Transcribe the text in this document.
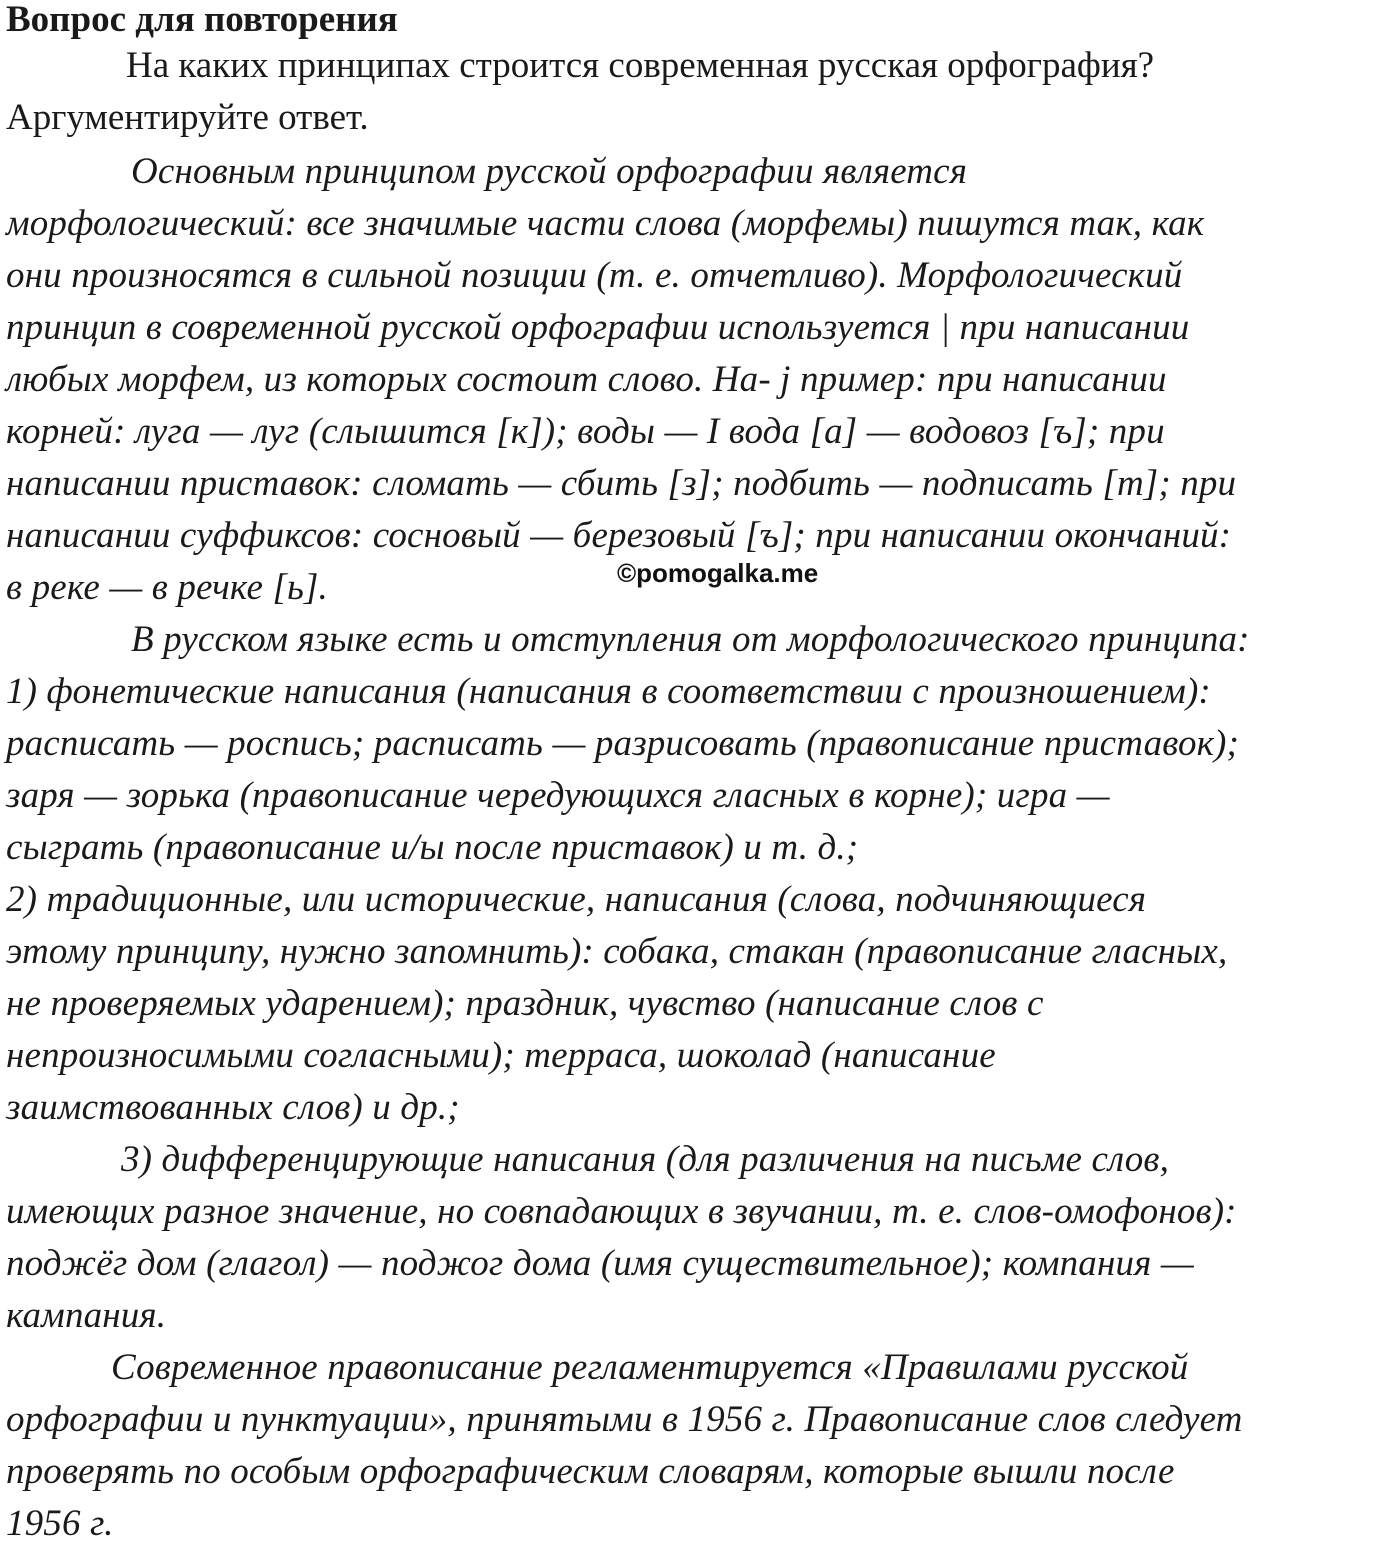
Вопрос для повторения

На каких принципах строится современная русская орфография? Аргументируйте ответ.

Основным принципом русской орфографии является
морфологический: все значимые части слова (морфемы) пишутся так, как
они произносятся в сильной позиции (т. е. отчетливо). Морфологический
принцип в современной русской орфографии используется | при написании
любых морфем, из которых состоит слово. На- j пример: при написании
корней: луга — луг (слышится [к]); воды — I вода [а] — водовоз [ъ]; при
написании приставок: сломать — сбить [з]; подбить — подписать [т]; при
написании суффиксов: сосновый — березовый [ъ]; при написании окончаний:
в реке — в речке [ь].
В русском языке есть и отступления от морфологического принципа:
1) фонетические написания (написания в соответствии с произношением):
расписать — роспись; расписать — разрисовать (правописание приставок);
заря — зорька (правописание чередующихся гласных в корне); игра —
сыграть (правописание и/ы после приставок) и т. д.;
2) традиционные, или исторические, написания (слова, подчиняющиеся
этому принципу, нужно запомнить): собака, стакан (правописание гласных,
не проверяемых ударением); праздник, чувство (написание слов с
непроизносимыми согласными); терраса, шоколад (написание
заимствованных слов) и др.;
3) дифференцирующие написания (для различения на письме слов,
имеющих разное значение, но совпадающих в звучании, т. е. слов-омофонов):
поджёг дом (глагол) — поджог дома (имя существительное); компания —
кампания.
Современное правописание регламентируется «Правилами русской
орфографии и пунктуации», принятыми в 1956 г. Правописание слов следует
проверять по особым орфографическим словарям, которые вышли после
1956 г.
©pomogalka.me
